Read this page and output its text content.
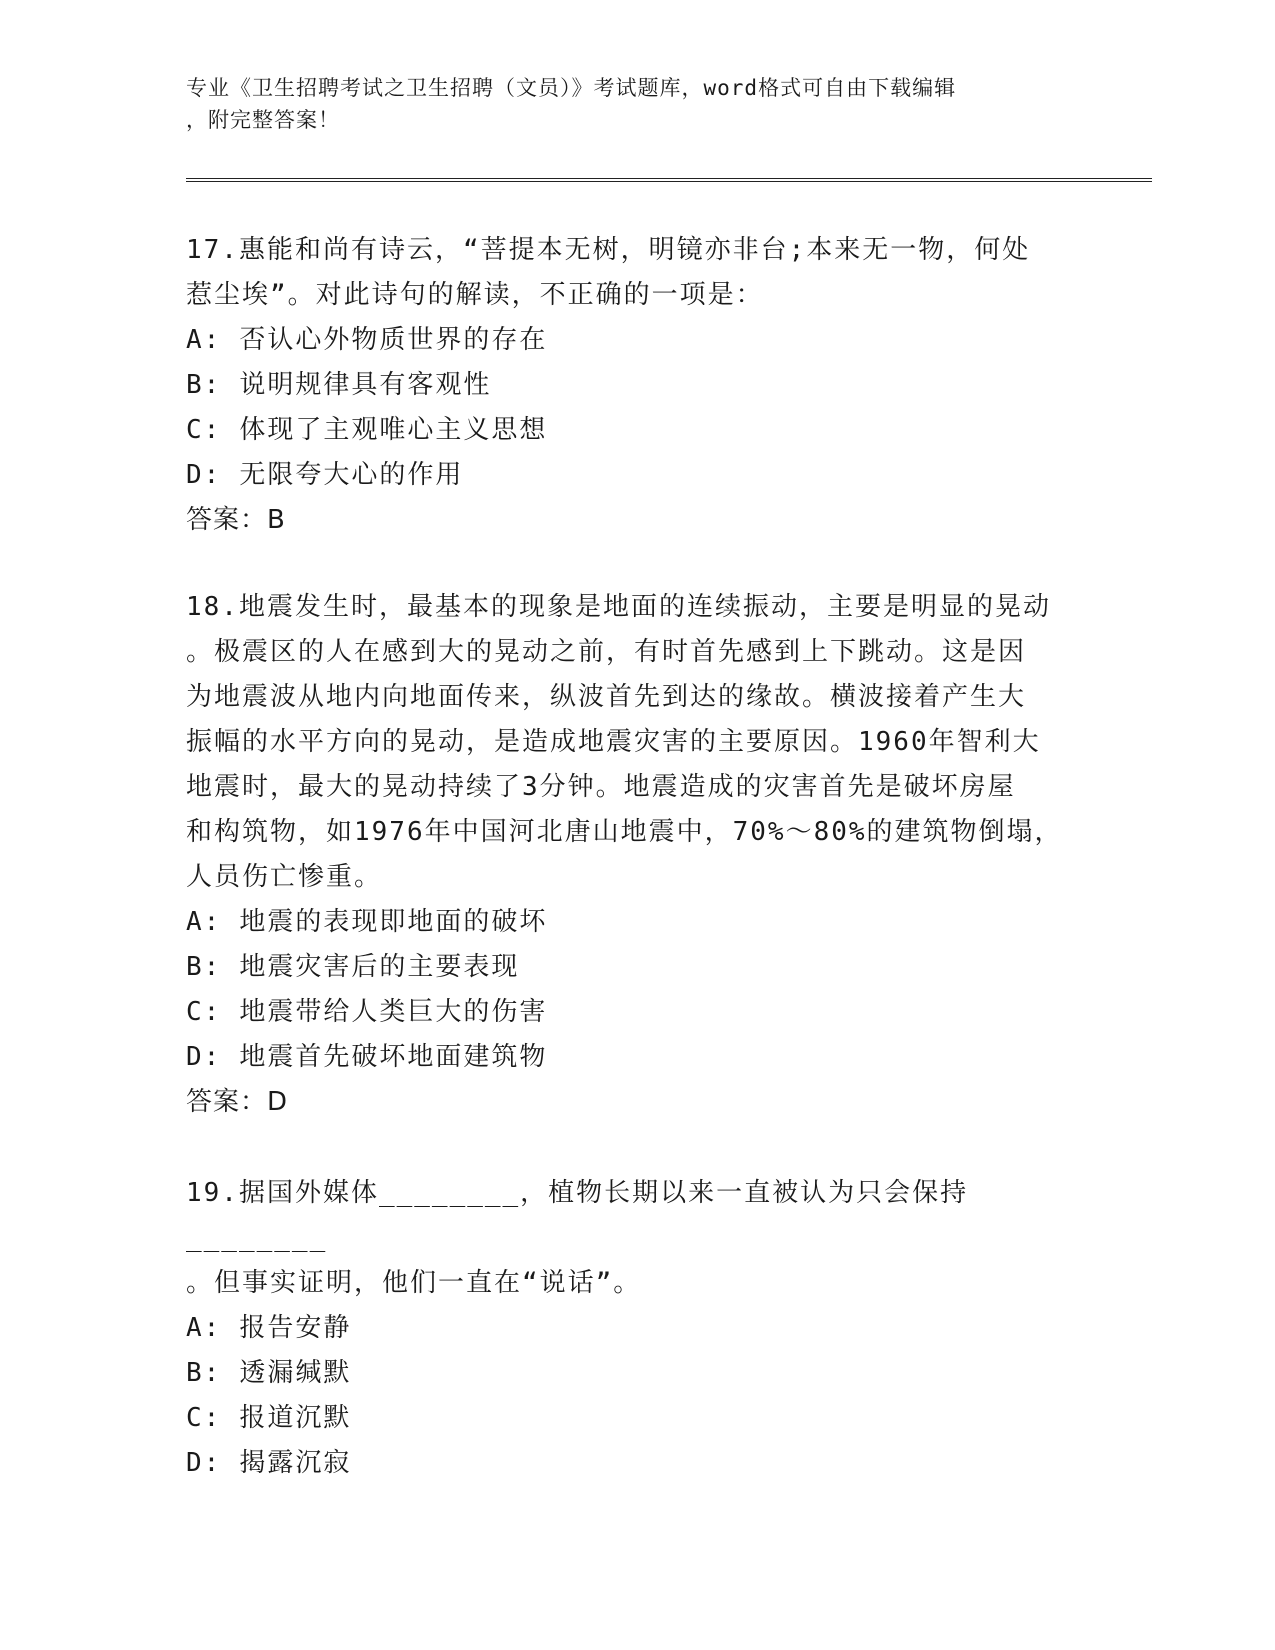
专业《卫生招聘考试之卫生招聘（文员）》考试题库，word格式可自由下载编辑
，附完整答案！
17.惠能和尚有诗云，“菩提本无树，明镜亦非台;本来无一物，何处
惹尘埃”。对此诗句的解读，不正确的一项是：
A: 否认心外物质世界的存在
B: 说明规律具有客观性
C: 体现了主观唯心主义思想
D: 无限夸大心的作用
答案：B
18.地震发生时，最基本的现象是地面的连续振动，主要是明显的晃动
。极震区的人在感到大的晃动之前，有时首先感到上下跳动。这是因
为地震波从地内向地面传来，纵波首先到达的缘故。横波接着产生大
振幅的水平方向的晃动，是造成地震灾害的主要原因。1960年智利大
地震时，最大的晃动持续了3分钟。地震造成的灾害首先是破坏房屋
和构筑物，如1976年中国河北唐山地震中，70%～80%的建筑物倒塌，
人员伤亡惨重。
A: 地震的表现即地面的破坏
B: 地震灾害后的主要表现
C: 地震带给人类巨大的伤害
D: 地震首先破坏地面建筑物
答案：D
19.据国外媒体________，植物长期以来一直被认为只会保持________
。但事实证明，他们一直在“说话”。
A: 报告安静
B: 透漏缄默
C: 报道沉默
D: 揭露沉寂
